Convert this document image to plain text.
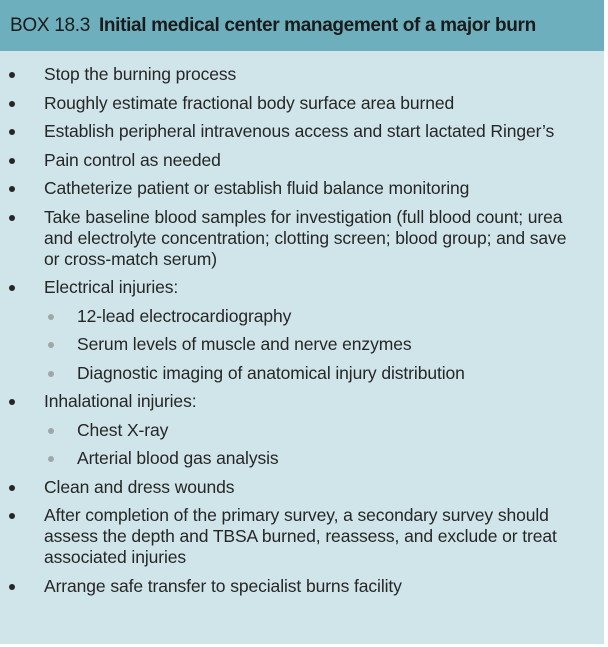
BOX 18.3 Initial medical center management of a major burn
Stop the burning process
Roughly estimate fractional body surface area burned
Establish peripheral intravenous access and start lactated Ringer’s
Pain control as needed
Catheterize patient or establish fluid balance monitoring
Take baseline blood samples for investigation (full blood count; urea and electrolyte concentration; clotting screen; blood group; and save or cross-match serum)
Electrical injuries:
12-lead electrocardiography
Serum levels of muscle and nerve enzymes
Diagnostic imaging of anatomical injury distribution
Inhalational injuries:
Chest X-ray
Arterial blood gas analysis
Clean and dress wounds
After completion of the primary survey, a secondary survey should assess the depth and TBSA burned, reassess, and exclude or treat associated injuries
Arrange safe transfer to specialist burns facility
